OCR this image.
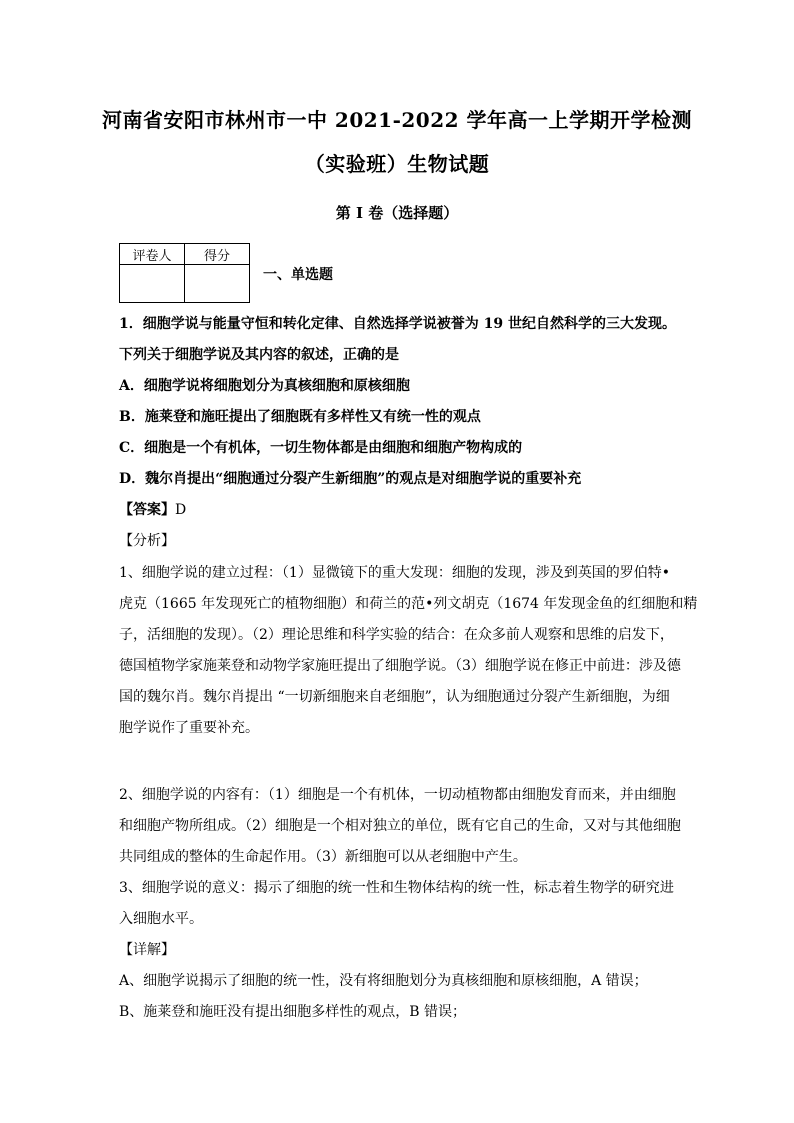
河南省安阳市林州市一中 2021-2022 学年高一上学期开学检测
（实验班）生物试题
第 I 卷（选择题）
评卷人	得分

一、单选题
1．细胞学说与能量守恒和转化定律、自然选择学说被誉为 19 世纪自然科学的三大发现。
下列关于细胞学说及其内容的叙述，正确的是
A．细胞学说将细胞划分为真核细胞和原核细胞
B．施莱登和施旺提出了细胞既有多样性又有统一性的观点
C．细胞是一个有机体，一切生物体都是由细胞和细胞产物构成的
D．魏尔肖提出“细胞通过分裂产生新细胞”的观点是对细胞学说的重要补充
【答案】D
【分析】
1、细胞学说的建立过程：（1）显微镜下的重大发现：细胞的发现，涉及到英国的罗伯特•
虎克（1665 年发现死亡的植物细胞）和荷兰的范•列文胡克（1674 年发现金鱼的红细胞和精
子，活细胞的发现）。（2）理论思维和科学实验的结合：在众多前人观察和思维的启发下，
德国植物学家施莱登和动物学家施旺提出了细胞学说。（3）细胞学说在修正中前进：涉及德
国的魏尔肖。魏尔肖提出 “一切新细胞来自老细胞”，认为细胞通过分裂产生新细胞，为细
胞学说作了重要补充。
2、细胞学说的内容有：（1）细胞是一个有机体，一切动植物都由细胞发育而来，并由细胞
和细胞产物所组成。（2）细胞是一个相对独立的单位，既有它自己的生命，又对与其他细胞
共同组成的整体的生命起作用。（3）新细胞可以从老细胞中产生。
3、细胞学说的意义：揭示了细胞的统一性和生物体结构的统一性，标志着生物学的研究进
入细胞水平。
【详解】
A、细胞学说揭示了细胞的统一性，没有将细胞划分为真核细胞和原核细胞，A 错误；
B、施莱登和施旺没有提出细胞多样性的观点，B 错误；
